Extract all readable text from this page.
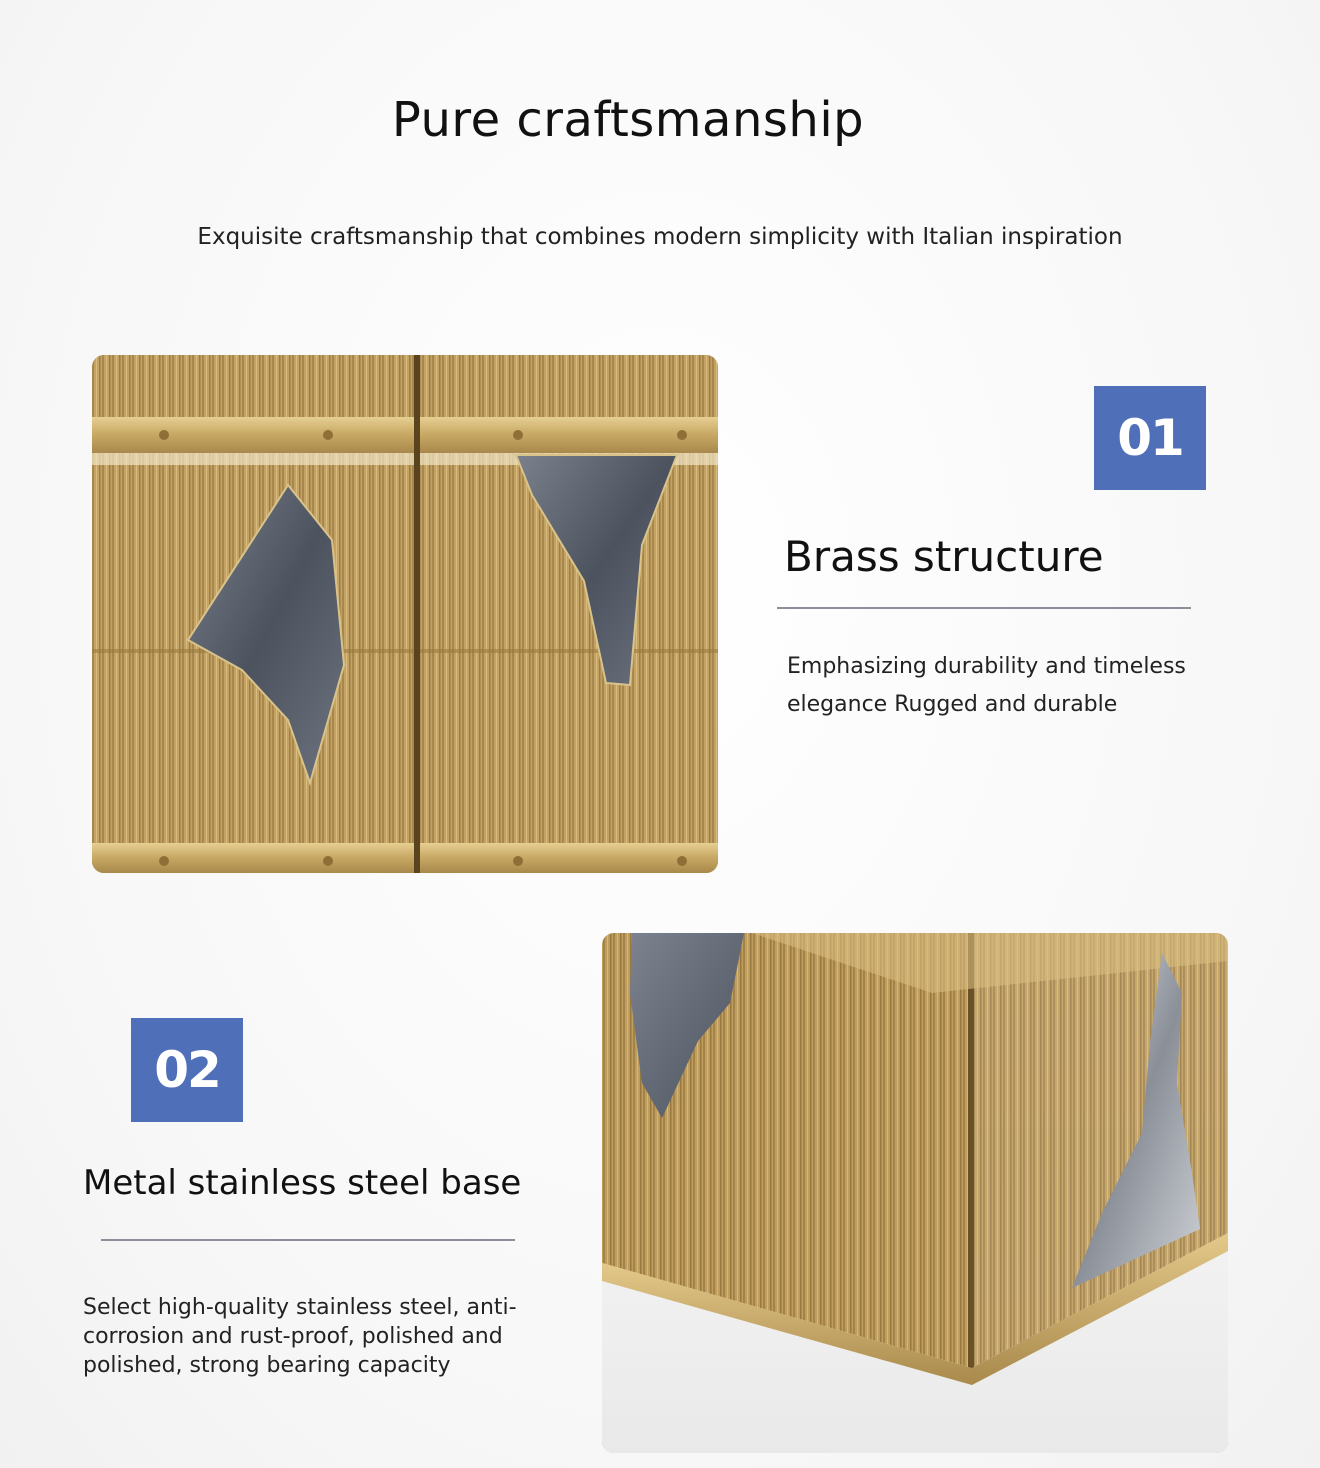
Pure craftsmanship

Exquisite craftsmanship that combines modern simplicity with Italian inspiration

01
Brass structure

Emphasizing durability and timeless elegance Rugged and durable

02
Metal stainless steel base

Select high-quality stainless steel, anti-corrosion and rust-proof, polished and polished, strong bearing capacity
